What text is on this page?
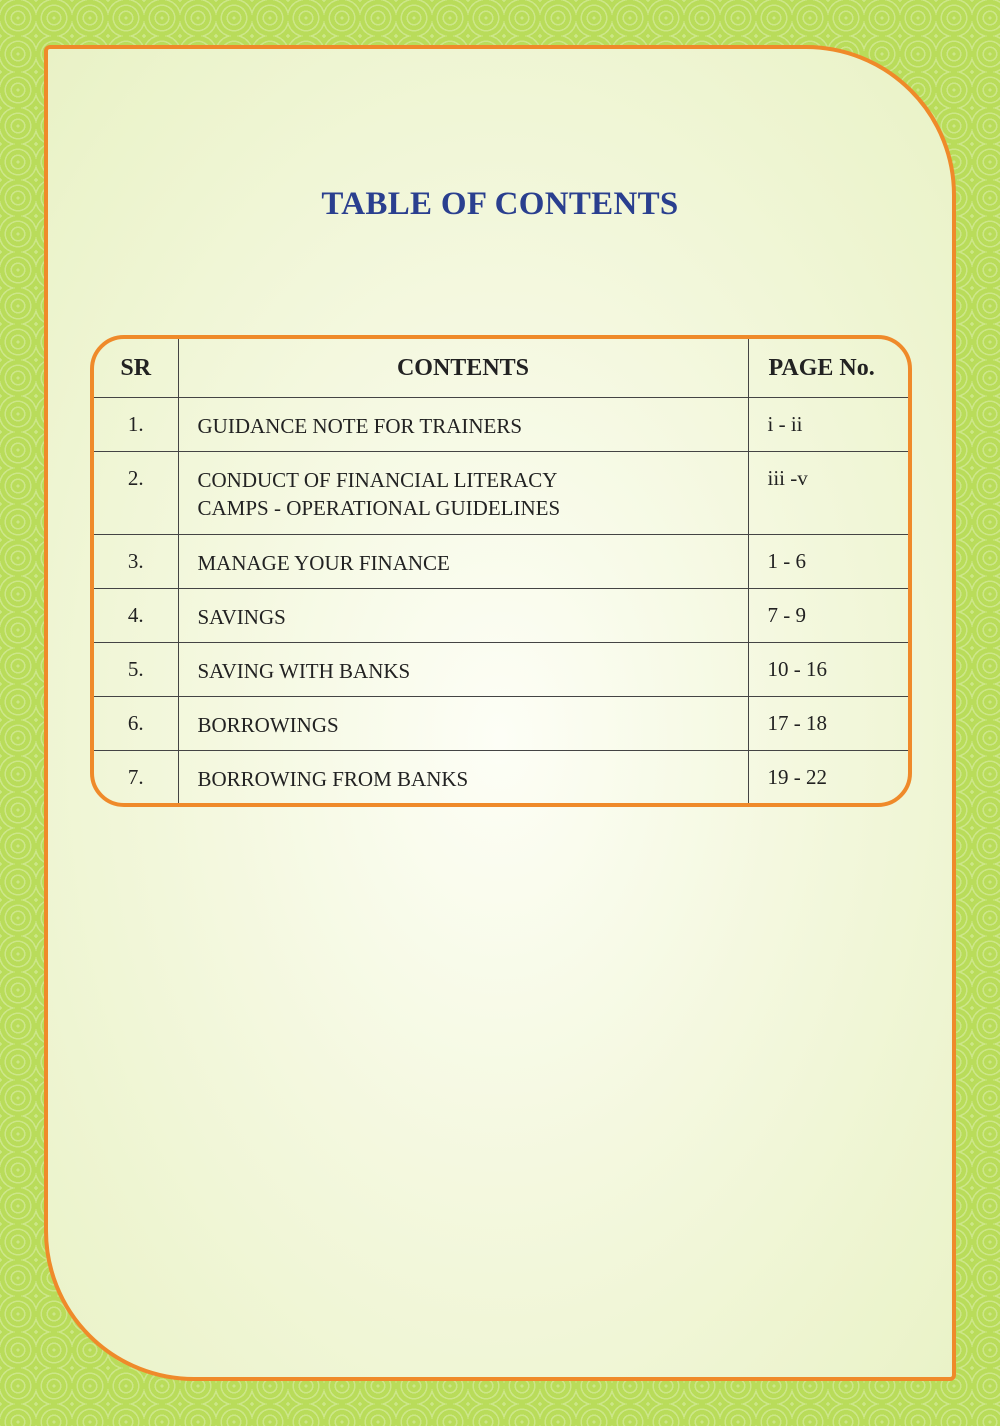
TABLE OF CONTENTS
SR	CONTENTS	PAGE No.
1.	GUIDANCE NOTE FOR TRAINERS	i - ii
2.	CONDUCT OF FINANCIAL LITERACY
CAMPS - OPERATIONAL GUIDELINES	iii -v
3.	MANAGE YOUR FINANCE	1 - 6
4.	SAVINGS	7 - 9
5.	SAVING WITH BANKS	10 - 16
6.	BORROWINGS	17 - 18
7.	BORROWING FROM BANKS	19 - 22
